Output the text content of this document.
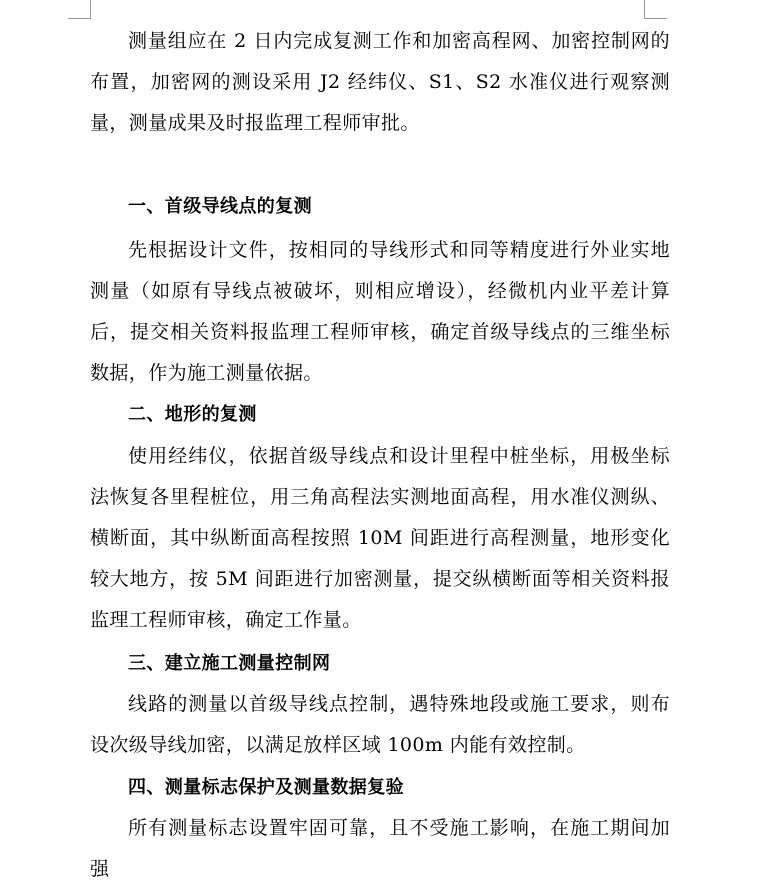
测量组应在 2 日内完成复测工作和加密高程网、加密控制网的布置，加密网的测设采用 J2 经纬仪、S1、S2 水准仪进行观察测量，测量成果及时报监理工程师审批。

一、首级导线点的复测

先根据设计文件，按相同的导线形式和同等精度进行外业实地测量（如原有导线点被破坏，则相应增设），经微机内业平差计算后，提交相关资料报监理工程师审核，确定首级导线点的三维坐标数据，作为施工测量依据。

二、地形的复测

使用经纬仪，依据首级导线点和设计里程中桩坐标，用极坐标法恢复各里程桩位，用三角高程法实测地面高程，用水准仪测纵、横断面，其中纵断面高程按照 10M 间距进行高程测量，地形变化较大地方，按 5M 间距进行加密测量，提交纵横断面等相关资料报监理工程师审核，确定工作量。

三、建立施工测量控制网

线路的测量以首级导线点控制，遇特殊地段或施工要求，则布设次级导线加密，以满足放样区域 100m 内能有效控制。

四、测量标志保护及测量数据复验

所有测量标志设置牢固可靠，且不受施工影响，在施工期间加强
